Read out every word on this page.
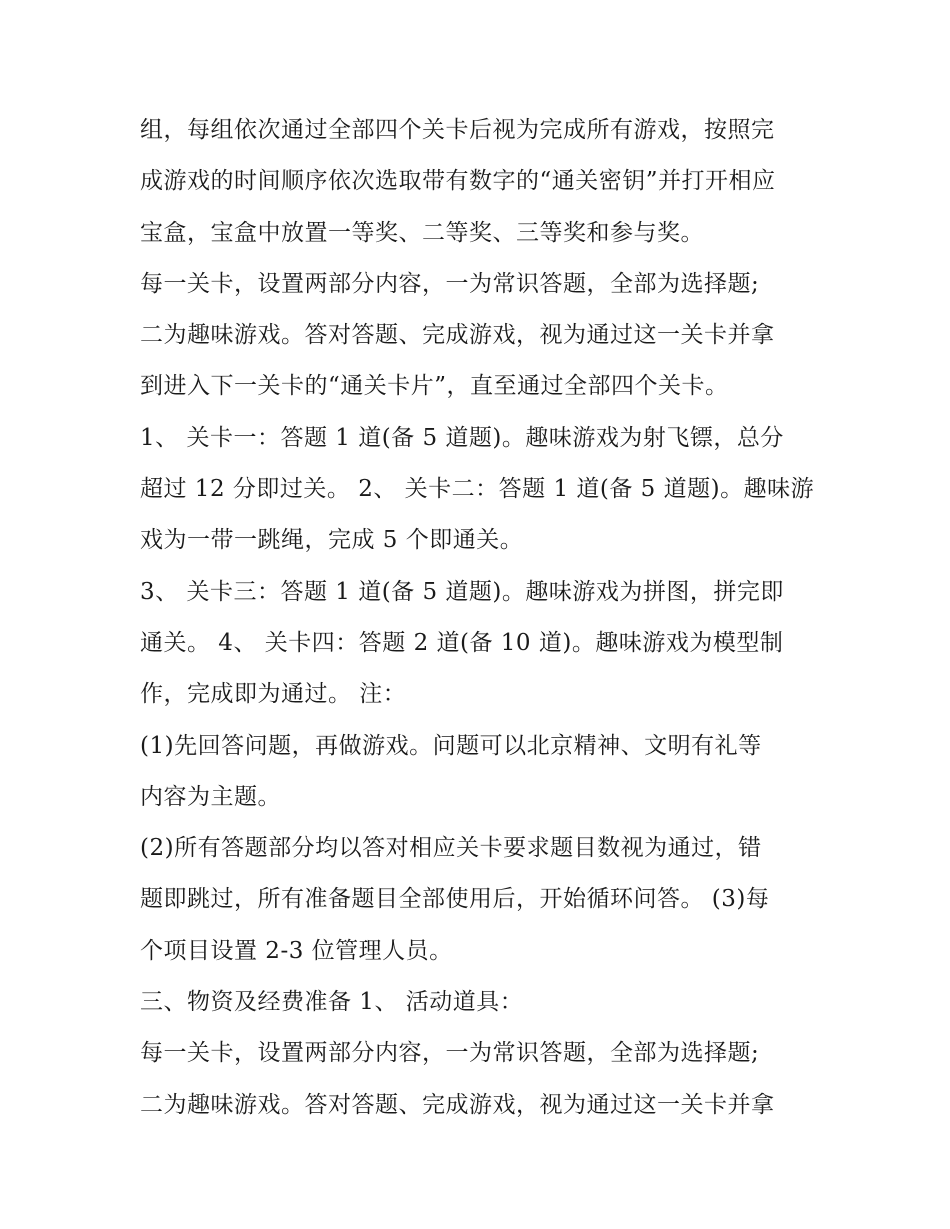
组，每组依次通过全部四个关卡后视为完成所有游戏，按照完
成游戏的时间顺序依次选取带有数字的“通关密钥”并打开相应
宝盒，宝盒中放置一等奖、二等奖、三等奖和参与奖。
每一关卡，设置两部分内容，一为常识答题，全部为选择题;
二为趣味游戏。答对答题、完成游戏，视为通过这一关卡并拿
到进入下一关卡的“通关卡片”，直至通过全部四个关卡。
1、 关卡一：答题 1 道(备 5 道题)。趣味游戏为射飞镖，总分
超过 12 分即过关。 2、 关卡二：答题 1 道(备 5 道题)。趣味游
戏为一带一跳绳，完成 5 个即通关。
3、 关卡三：答题 1 道(备 5 道题)。趣味游戏为拼图，拼完即
通关。 4、 关卡四：答题 2 道(备 10 道)。趣味游戏为模型制
作，完成即为通过。 注：
(1)先回答问题，再做游戏。问题可以北京精神、文明有礼等
内容为主题。
(2)所有答题部分均以答对相应关卡要求题目数视为通过，错
题即跳过，所有准备题目全部使用后，开始循环问答。 (3)每
个项目设置 2-3 位管理人员。
三、物资及经费准备 1、 活动道具：
每一关卡，设置两部分内容，一为常识答题，全部为选择题;
二为趣味游戏。答对答题、完成游戏，视为通过这一关卡并拿
